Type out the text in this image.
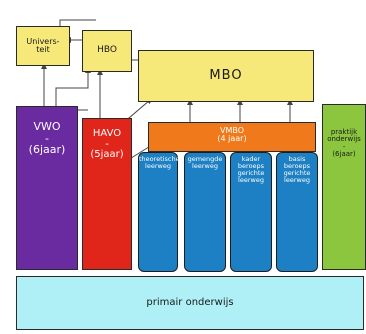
Univers-
teit	HBO
MBO
VWO
-
(6jaar)
HAVO
-
(5jaar)
VMBO
(4 jaar)
theoretische
leerweg
gemengde
leerweg
kader
beroeps
gerichte
leerweg
basis
beroeps
gerichte
leerweg
praktijk
onderwijs
-
(6jaar)
primair onderwijs
